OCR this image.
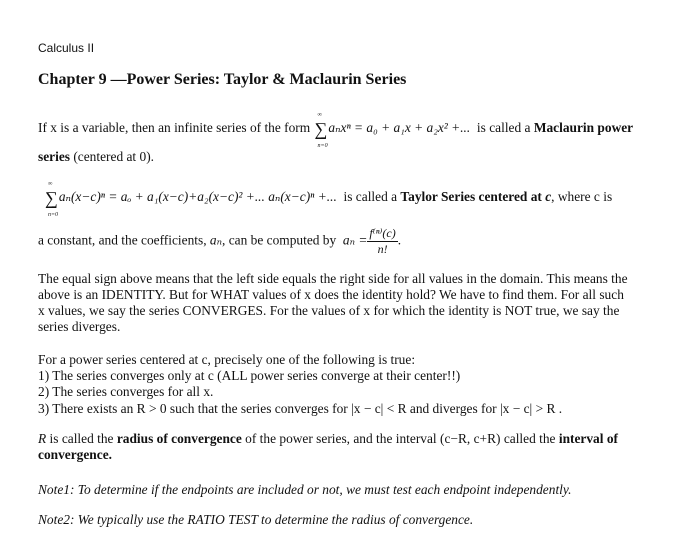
Calculus II
Chapter 9 —Power Series: Taylor & Maclaurin Series
If x is a variable, then an infinite series of the form ∑
∞
n=0
aₙxⁿ = a₀ + a₁x + a₂x² +...  is called a Maclaurin power
series (centered at 0).
∑
∞
n=0
aₙ(x−c)ⁿ = aₒ + a₁(x−c)+a₂(x−c)² +... aₙ(x−c)ⁿ +...  is called a Taylor Series centered at c, where c is
a constant, and the coefficients, aₙ, can be computed by  $a_n = \frac{\text{f⁽ⁿ⁾(c)}}{n!}$ .
The equal sign above means that the left side equals the right side for all values in the domain. This means the
above is an IDENTITY. But for WHAT values of x does the identity hold? We have to find them. For all such
x values, we say the series CONVERGES. For the values of x for which the identity is NOT true, we say the
series diverges.
For a power series centered at c, precisely one of the following is true:
1) The series converges only at c (ALL power series converge at their center!!)
2) The series converges for all x.
3) There exists an R > 0 such that the series converges for |x − c| < R and diverges for |x − c| > R .
R is called the radius of convergence of the power series, and the interval (c−R, c+R) called the interval of
convergence.
Note1: To determine if the endpoints are included or not, we must test each endpoint independently.
Note2: We typically use the RATIO TEST to determine the radius of convergence.
